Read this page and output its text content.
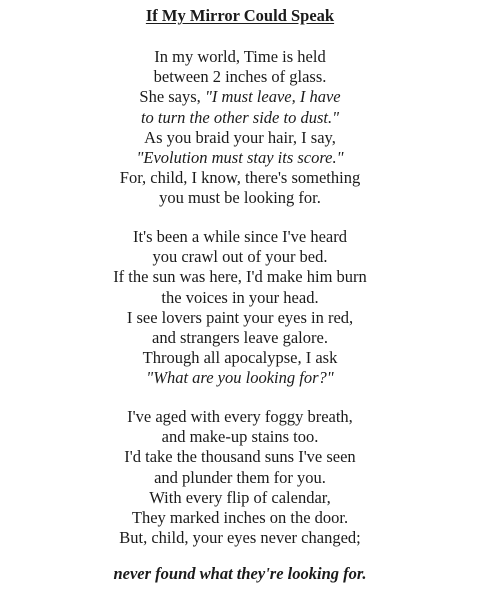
If My Mirror Could Speak
In my world, Time is held
between 2 inches of glass.
She says, "I must leave, I have
to turn the other side to dust."
As you braid your hair, I say,
"Evolution must stay its score."
For, child, I know, there's something
you must be looking for.
It's been a while since I've heard
you crawl out of your bed.
If the sun was here, I'd make him burn
the voices in your head.
I see lovers paint your eyes in red,
and strangers leave galore.
Through all apocalypse, I ask
"What are you looking for?"
I've aged with every foggy breath,
and make-up stains too.
I'd take the thousand suns I've seen
and plunder them for you.
With every flip of calendar,
They marked inches on the door.
But, child, your eyes never changed;
never found what they're looking for.
